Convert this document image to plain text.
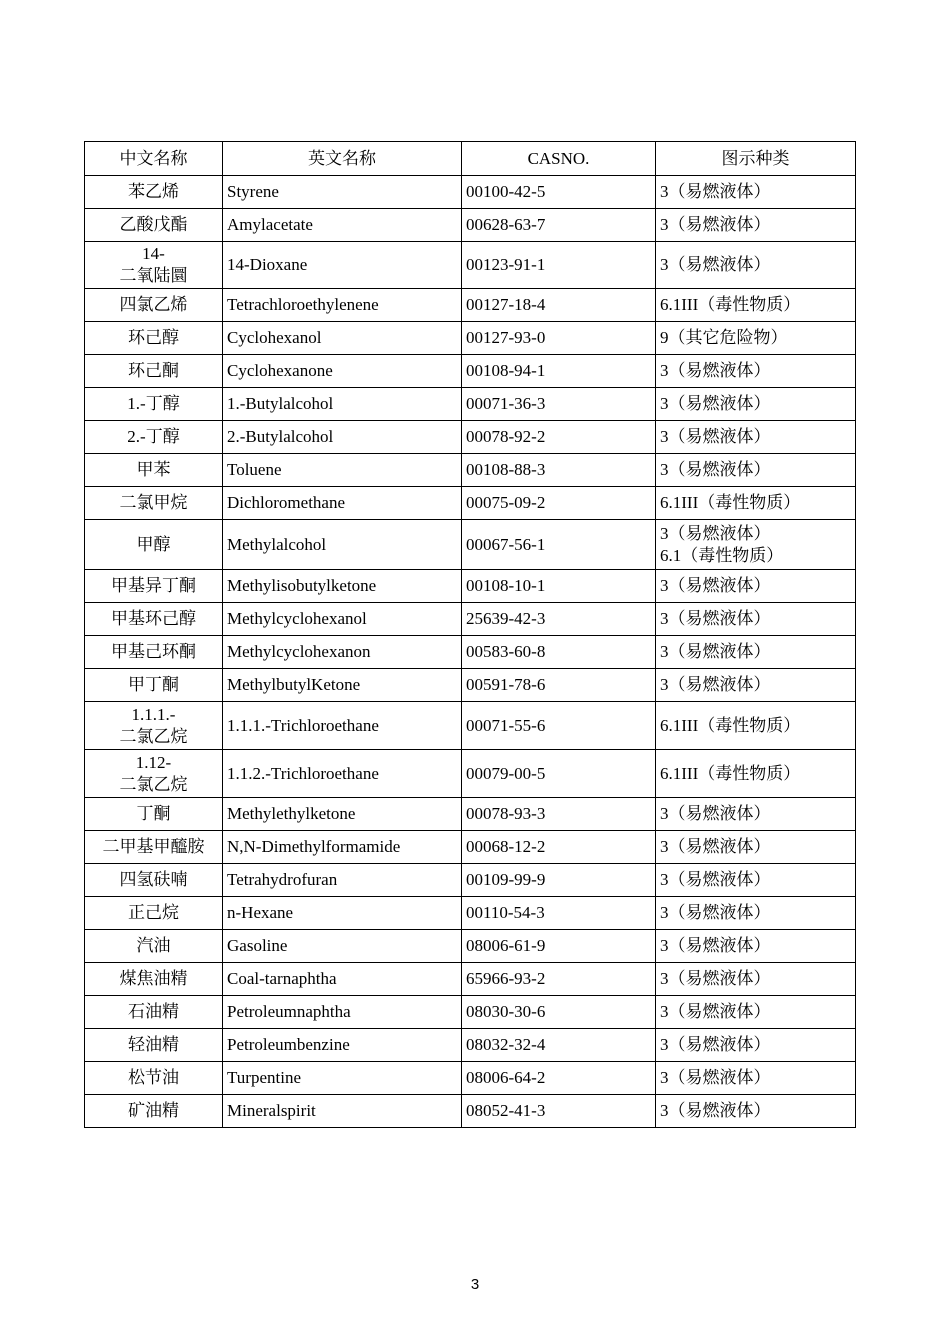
中文名称	英文名称	CASNO.	图示种类
苯乙烯	Styrene	00100-42-5	3（易燃液体）
乙酸戊酯	Amylacetate	00628-63-7	3（易燃液体）
14-
二氧陆圜	14-Dioxane	00123-91-1	3（易燃液体）
四氯乙烯	Tetrachloroethylenene	00127-18-4	6.1III（毒性物质）
环己醇	Cyclohexanol	00127-93-0	9（其它危险物）
环己酮	Cyclohexanone	00108-94-1	3（易燃液体）
1.-丁醇	1.-Butylalcohol	00071-36-3	3（易燃液体）
2.-丁醇	2.-Butylalcohol	00078-92-2	3（易燃液体）
甲苯	Toluene	00108-88-3	3（易燃液体）
二氯甲烷	Dichloromethane	00075-09-2	6.1III（毒性物质）
甲醇	Methylalcohol	00067-56-1	3（易燃液体）
6.1（毒性物质）
甲基异丁酮	Methylisobutylketone	00108-10-1	3（易燃液体）
甲基环己醇	Methylcyclohexanol	25639-42-3	3（易燃液体）
甲基己环酮	Methylcyclohexanon	00583-60-8	3（易燃液体）
甲丁酮	MethylbutylKetone	00591-78-6	3（易燃液体）
1.1.1.-
二氯乙烷	1.1.1.-Trichloroethane	00071-55-6	6.1III（毒性物质）
1.12-
二氯乙烷	1.1.2.-Trichloroethane	00079-00-5	6.1III（毒性物质）
丁酮	Methylethylketone	00078-93-3	3（易燃液体）
二甲基甲醯胺	N,N-Dimethylformamide	00068-12-2	3（易燃液体）
四氢砆喃	Tetrahydrofuran	00109-99-9	3（易燃液体）
正己烷	n-Hexane	00110-54-3	3（易燃液体）
汽油	Gasoline	08006-61-9	3（易燃液体）
煤焦油精	Coal-tarnaphtha	65966-93-2	3（易燃液体）
石油精	Petroleumnaphtha	08030-30-6	3（易燃液体）
轻油精	Petroleumbenzine	08032-32-4	3（易燃液体）
松节油	Turpentine	08006-64-2	3（易燃液体）
矿油精	Mineralspirit	08052-41-3	3（易燃液体）
3
